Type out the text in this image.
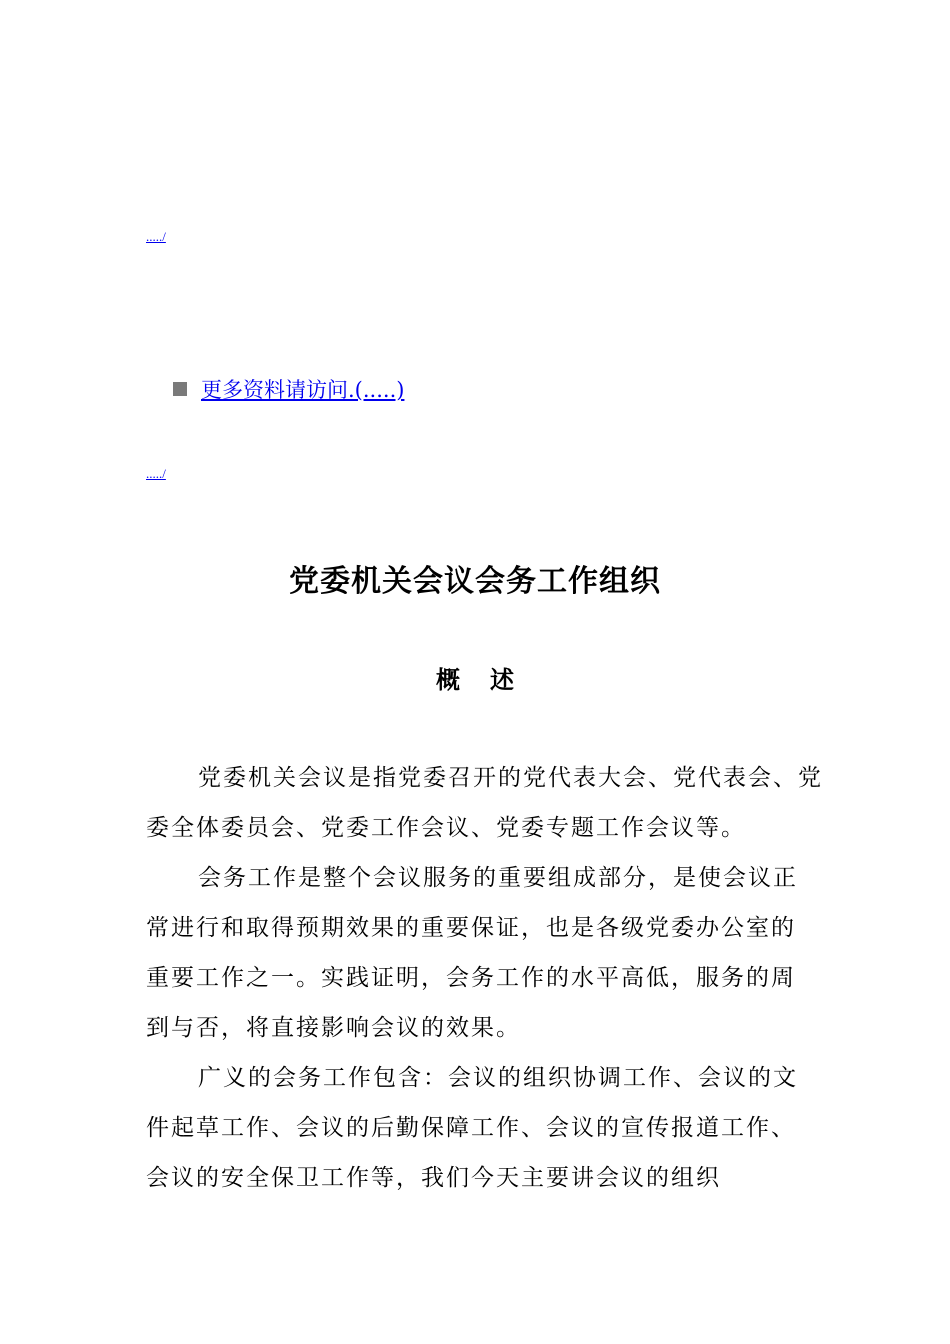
...../
更多资料请访问.(.....)
...../
党委机关会议会务工作组织
概述

党委机关会议是指党委召开的党代表大会、党代表会、党委全体委员会、党委工作会议、党委专题工作会议等。

会务工作是整个会议服务的重要组成部分，是使会议正常进行和取得预期效果的重要保证，也是各级党委办公室的重要工作之一。实践证明，会务工作的水平高低，服务的周到与否，将直接影响会议的效果。

广义的会务工作包含：会议的组织协调工作、会议的文件起草工作、会议的后勤保障工作、会议的宣传报道工作、会议的安全保卫工作等，我们今天主要讲会议的组织
